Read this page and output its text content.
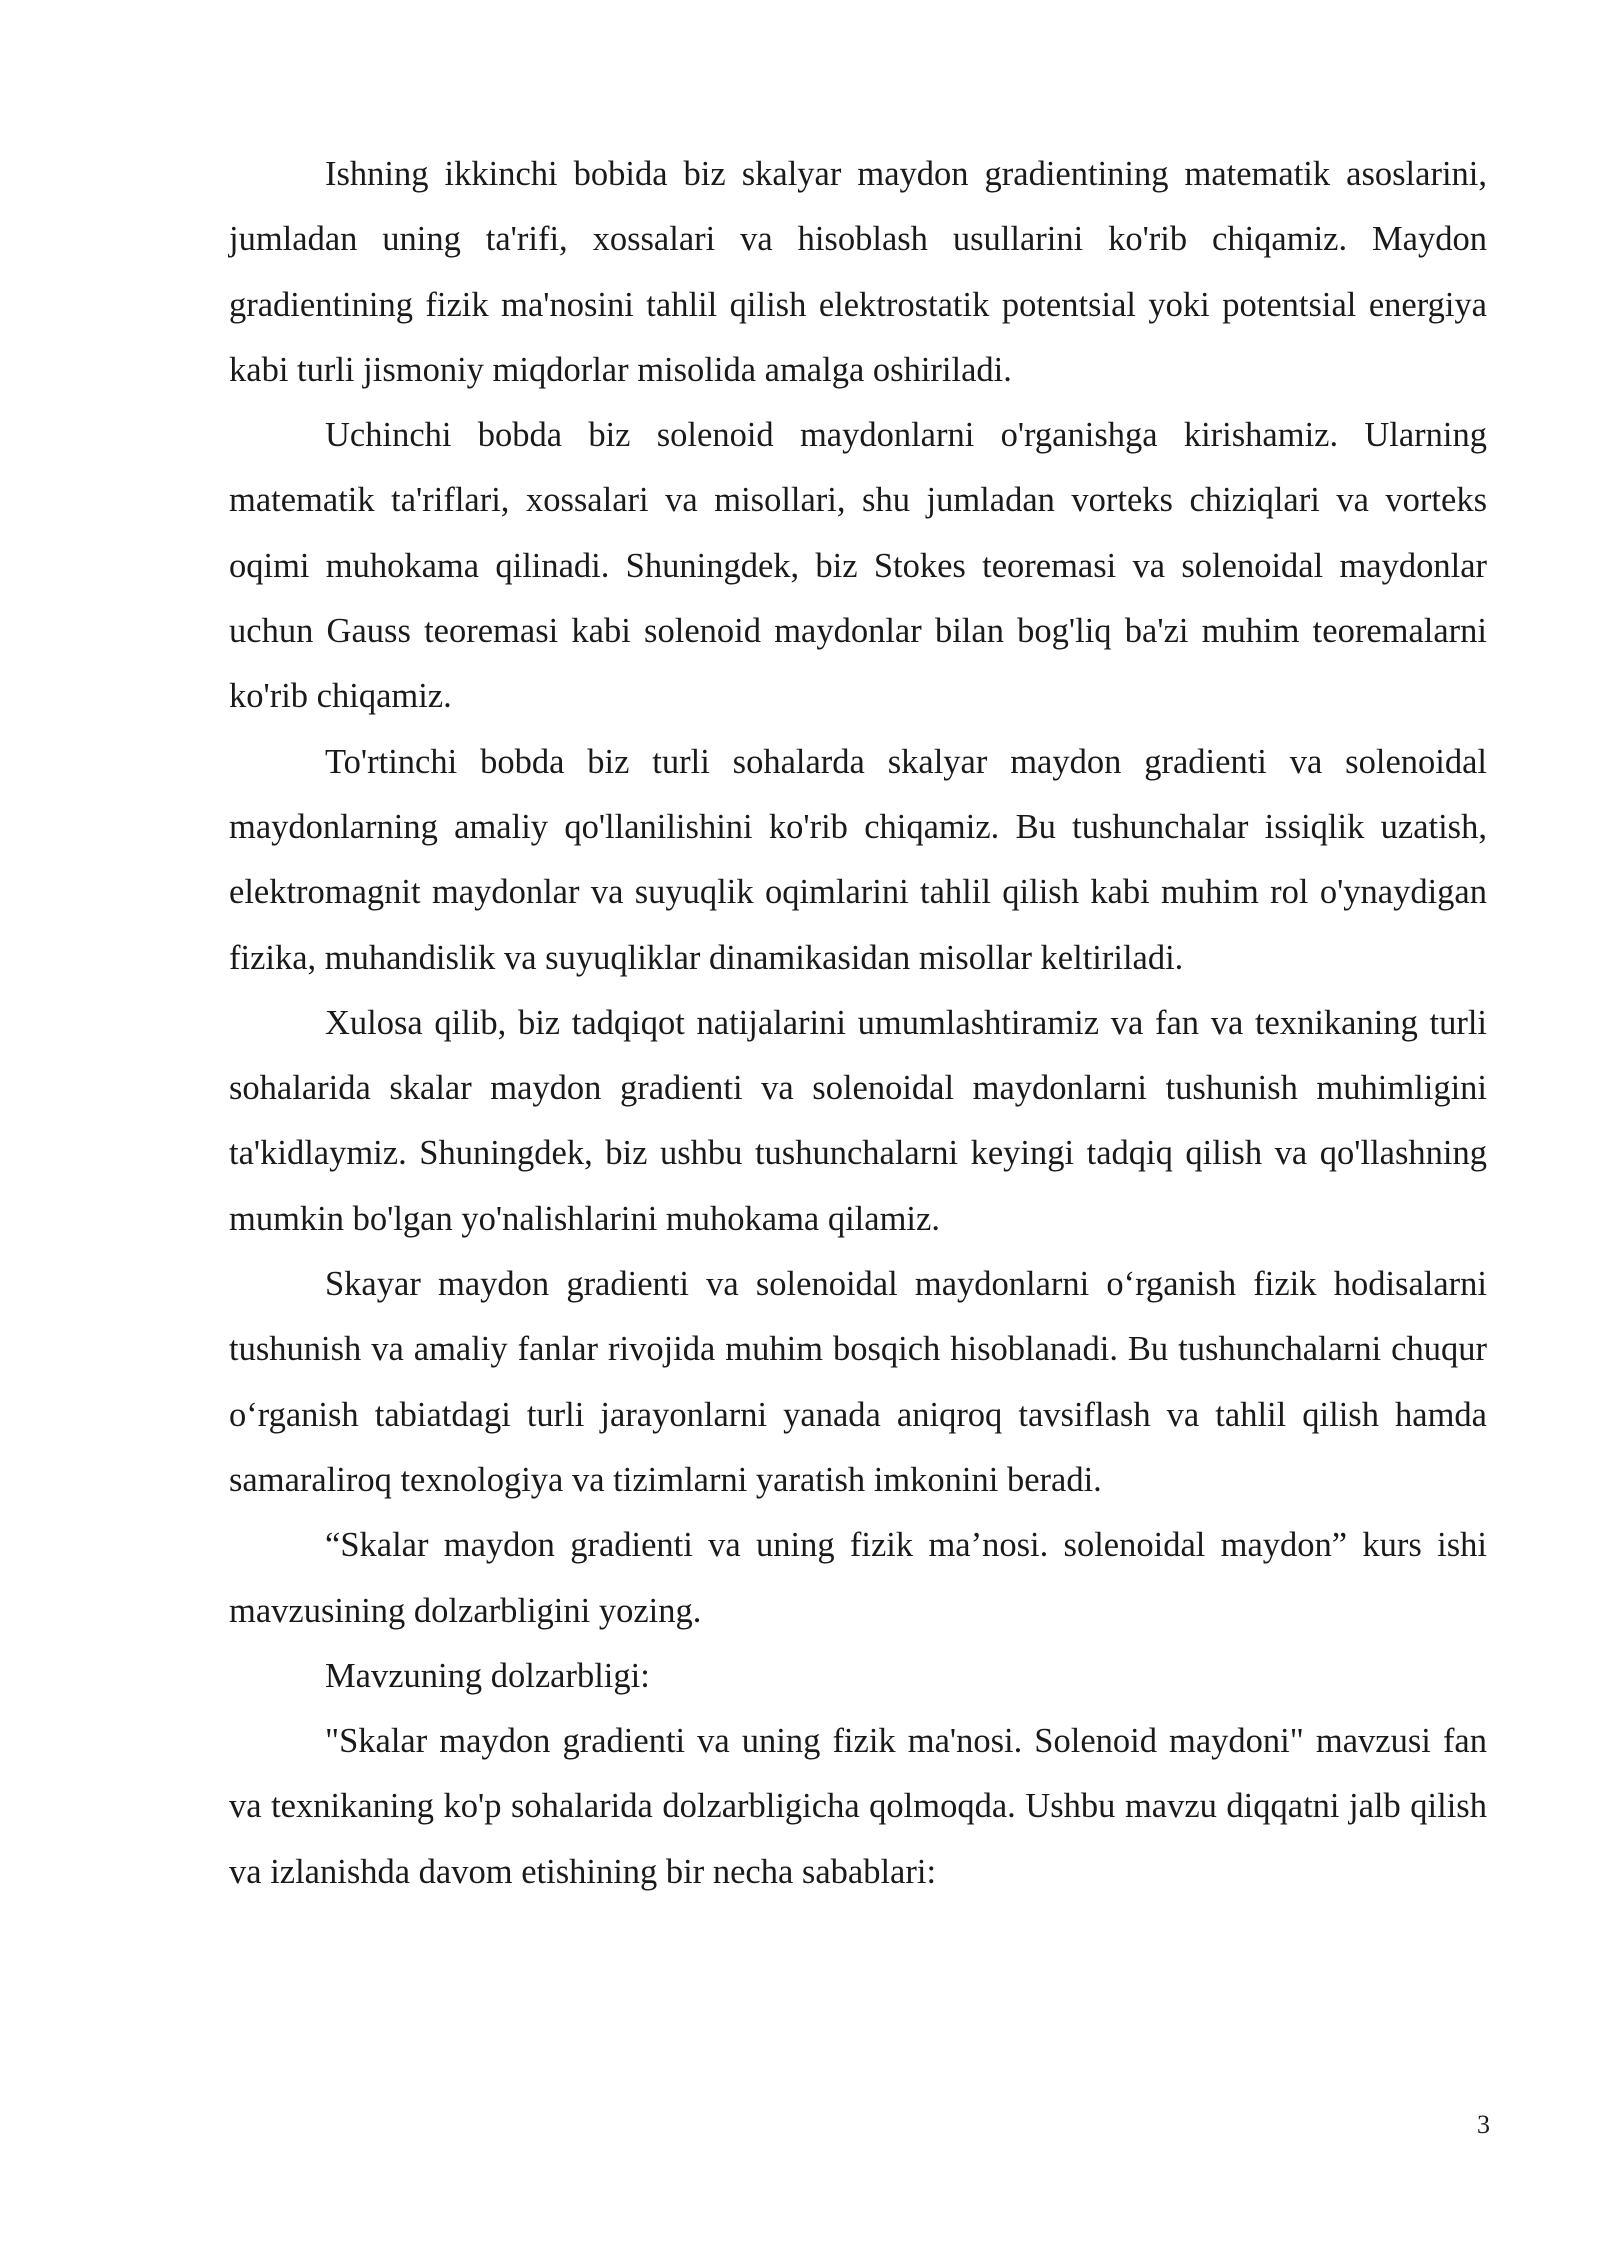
Ishning ikkinchi bobida biz skalyar maydon gradientining matematik asoslarini, jumladan uning ta'rifi, xossalari va hisoblash usullarini ko'rib chiqamiz. Maydon gradientining fizik ma'nosini tahlil qilish elektrostatik potentsial yoki potentsial energiya kabi turli jismoniy miqdorlar misolida amalga oshiriladi.

Uchinchi bobda biz solenoid maydonlarni o'rganishga kirishamiz. Ularning matematik ta'riflari, xossalari va misollari, shu jumladan vorteks chiziqlari va vorteks oqimi muhokama qilinadi. Shuningdek, biz Stokes teoremasi va solenoidal maydonlar uchun Gauss teoremasi kabi solenoid maydonlar bilan bog'liq ba'zi muhim teoremalarni ko'rib chiqamiz.

To'rtinchi bobda biz turli sohalarda skalyar maydon gradienti va solenoidal maydonlarning amaliy qo'llanilishini ko'rib chiqamiz. Bu tushunchalar issiqlik uzatish, elektromagnit maydonlar va suyuqlik oqimlarini tahlil qilish kabi muhim rol o'ynaydigan fizika, muhandislik va suyuqliklar dinamikasidan misollar keltiriladi.

Xulosa qilib, biz tadqiqot natijalarini umumlashtiramiz va fan va texnikaning turli sohalarida skalar maydon gradienti va solenoidal maydonlarni tushunish muhimligini ta'kidlaymiz. Shuningdek, biz ushbu tushunchalarni keyingi tadqiq qilish va qo'llashning mumkin bo'lgan yo'nalishlarini muhokama qilamiz.

Skayar maydon gradienti va solenoidal maydonlarni o‘rganish fizik hodisalarni tushunish va amaliy fanlar rivojida muhim bosqich hisoblanadi. Bu tushunchalarni chuqur o‘rganish tabiatdagi turli jarayonlarni yanada aniqroq tavsiflash va tahlil qilish hamda samaraliroq texnologiya va tizimlarni yaratish imkonini beradi.

“Skalar maydon gradienti va uning fizik ma’nosi. solenoidal maydon” kurs ishi mavzusining dolzarbligini yozing.

Mavzuning dolzarbligi:

"Skalar maydon gradienti va uning fizik ma'nosi. Solenoid maydoni" mavzusi fan va texnikaning ko'p sohalarida dolzarbligicha qolmoqda. Ushbu mavzu diqqatni jalb qilish va izlanishda davom etishining bir necha sabablari:

3
